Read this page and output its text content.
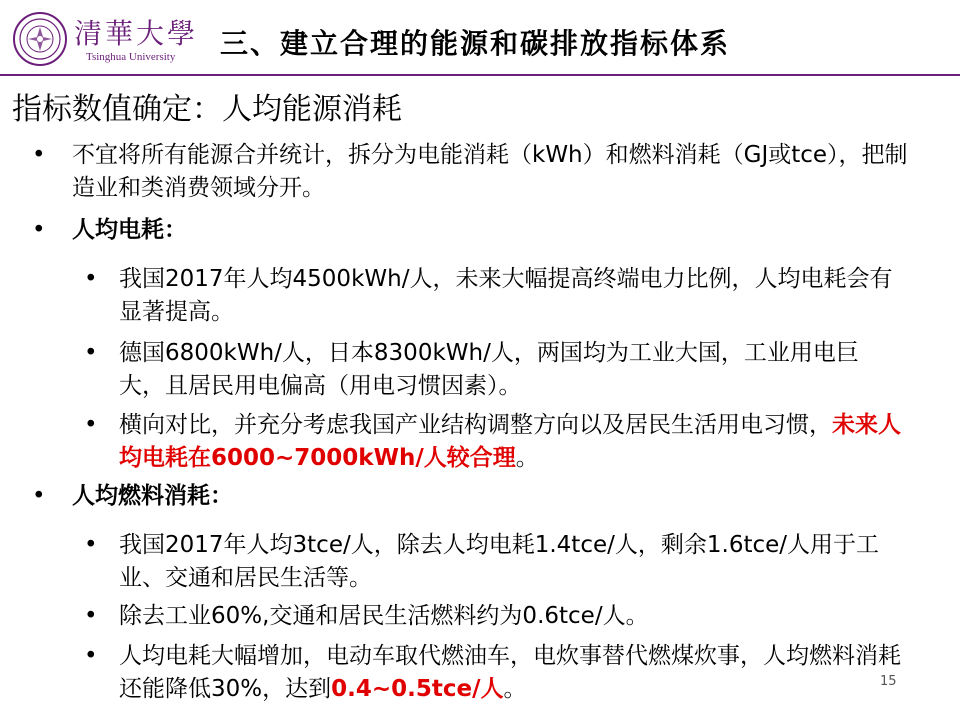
清華大學
Tsinghua University 三、建立合理的能源和碳排放指标体系
指标数值确定：人均能源消耗
• 不宜将所有能源合并统计，拆分为电能消耗（kWh）和燃料消耗（GJ或tce），把制造业和类消费领域分开。
• 人均电耗：
• 我国2017年人均4500kWh/人，未来大幅提高终端电力比例，人均电耗会有显著提高。
• 德国6800kWh/人，日本8300kWh/人，两国均为工业大国，工业用电巨大，且居民用电偏高（用电习惯因素）。
• 横向对比，并充分考虑我国产业结构调整方向以及居民生活用电习惯，未来人均电耗在6000~7000kWh/人较合理。
• 人均燃料消耗：
• 我国2017年人均3tce/人，除去人均电耗1.4tce/人，剩余1.6tce/人用于工业、交通和居民生活等。
• 除去工业60%,交通和居民生活燃料约为0.6tce/人。
• 人均电耗大幅增加，电动车取代燃油车，电炊事替代燃煤炊事，人均燃料消耗还能降低30%，达到0.4~0.5tce/人。	15
